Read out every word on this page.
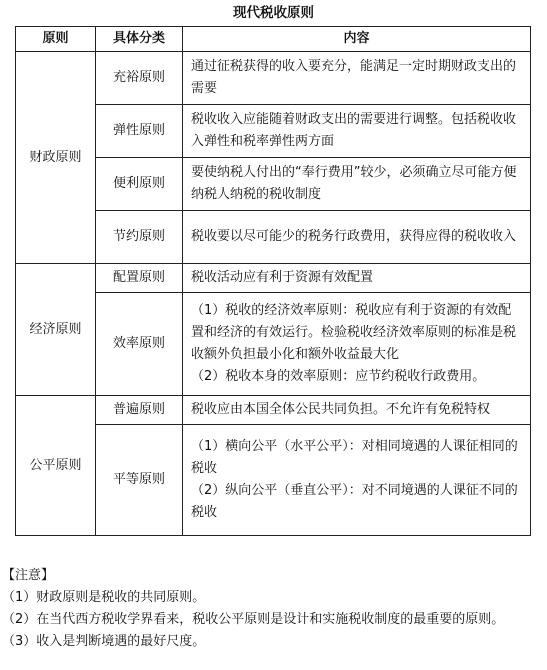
现代税收原则
原则	具体分类	内容
财政原则	充裕原则	通过征税获得的收入要充分，能满足一定时期财政支出的需要

	弹性原则	税收收入应能随着财政支出的需要进行调整。包括税收收入弹性和税率弹性两方面

	便利原则	要使纳税人付出的“奉行费用”较少，必须确立尽可能方便纳税人纳税的税收制度

	节约原则	税收要以尽可能少的税务行政费用，获得应得的税收收入

经济原则	配置原则	税收活动应有利于资源有效配置

	效率原则	（1）税收的经济效率原则：税收应有利于资源的有效配置和经济的有效运行。检验税收经济效率原则的标准是税收额外负担最小化和额外收益最大化
（2）税收本身的效率原则：应节约税收行政费用。

公平原则	普遍原则	税收应由本国全体公民共同负担。不允许有免税特权

	平等原则	（1）横向公平（水平公平）：对相同境遇的人课征相同的税收
（2）纵向公平（垂直公平）：对不同境遇的人课征不同的税收
【注意】
（1）财政原则是税收的共同原则。
（2）在当代西方税收学界看来，税收公平原则是设计和实施税收制度的最重要的原则。
（3）收入是判断境遇的最好尺度。
